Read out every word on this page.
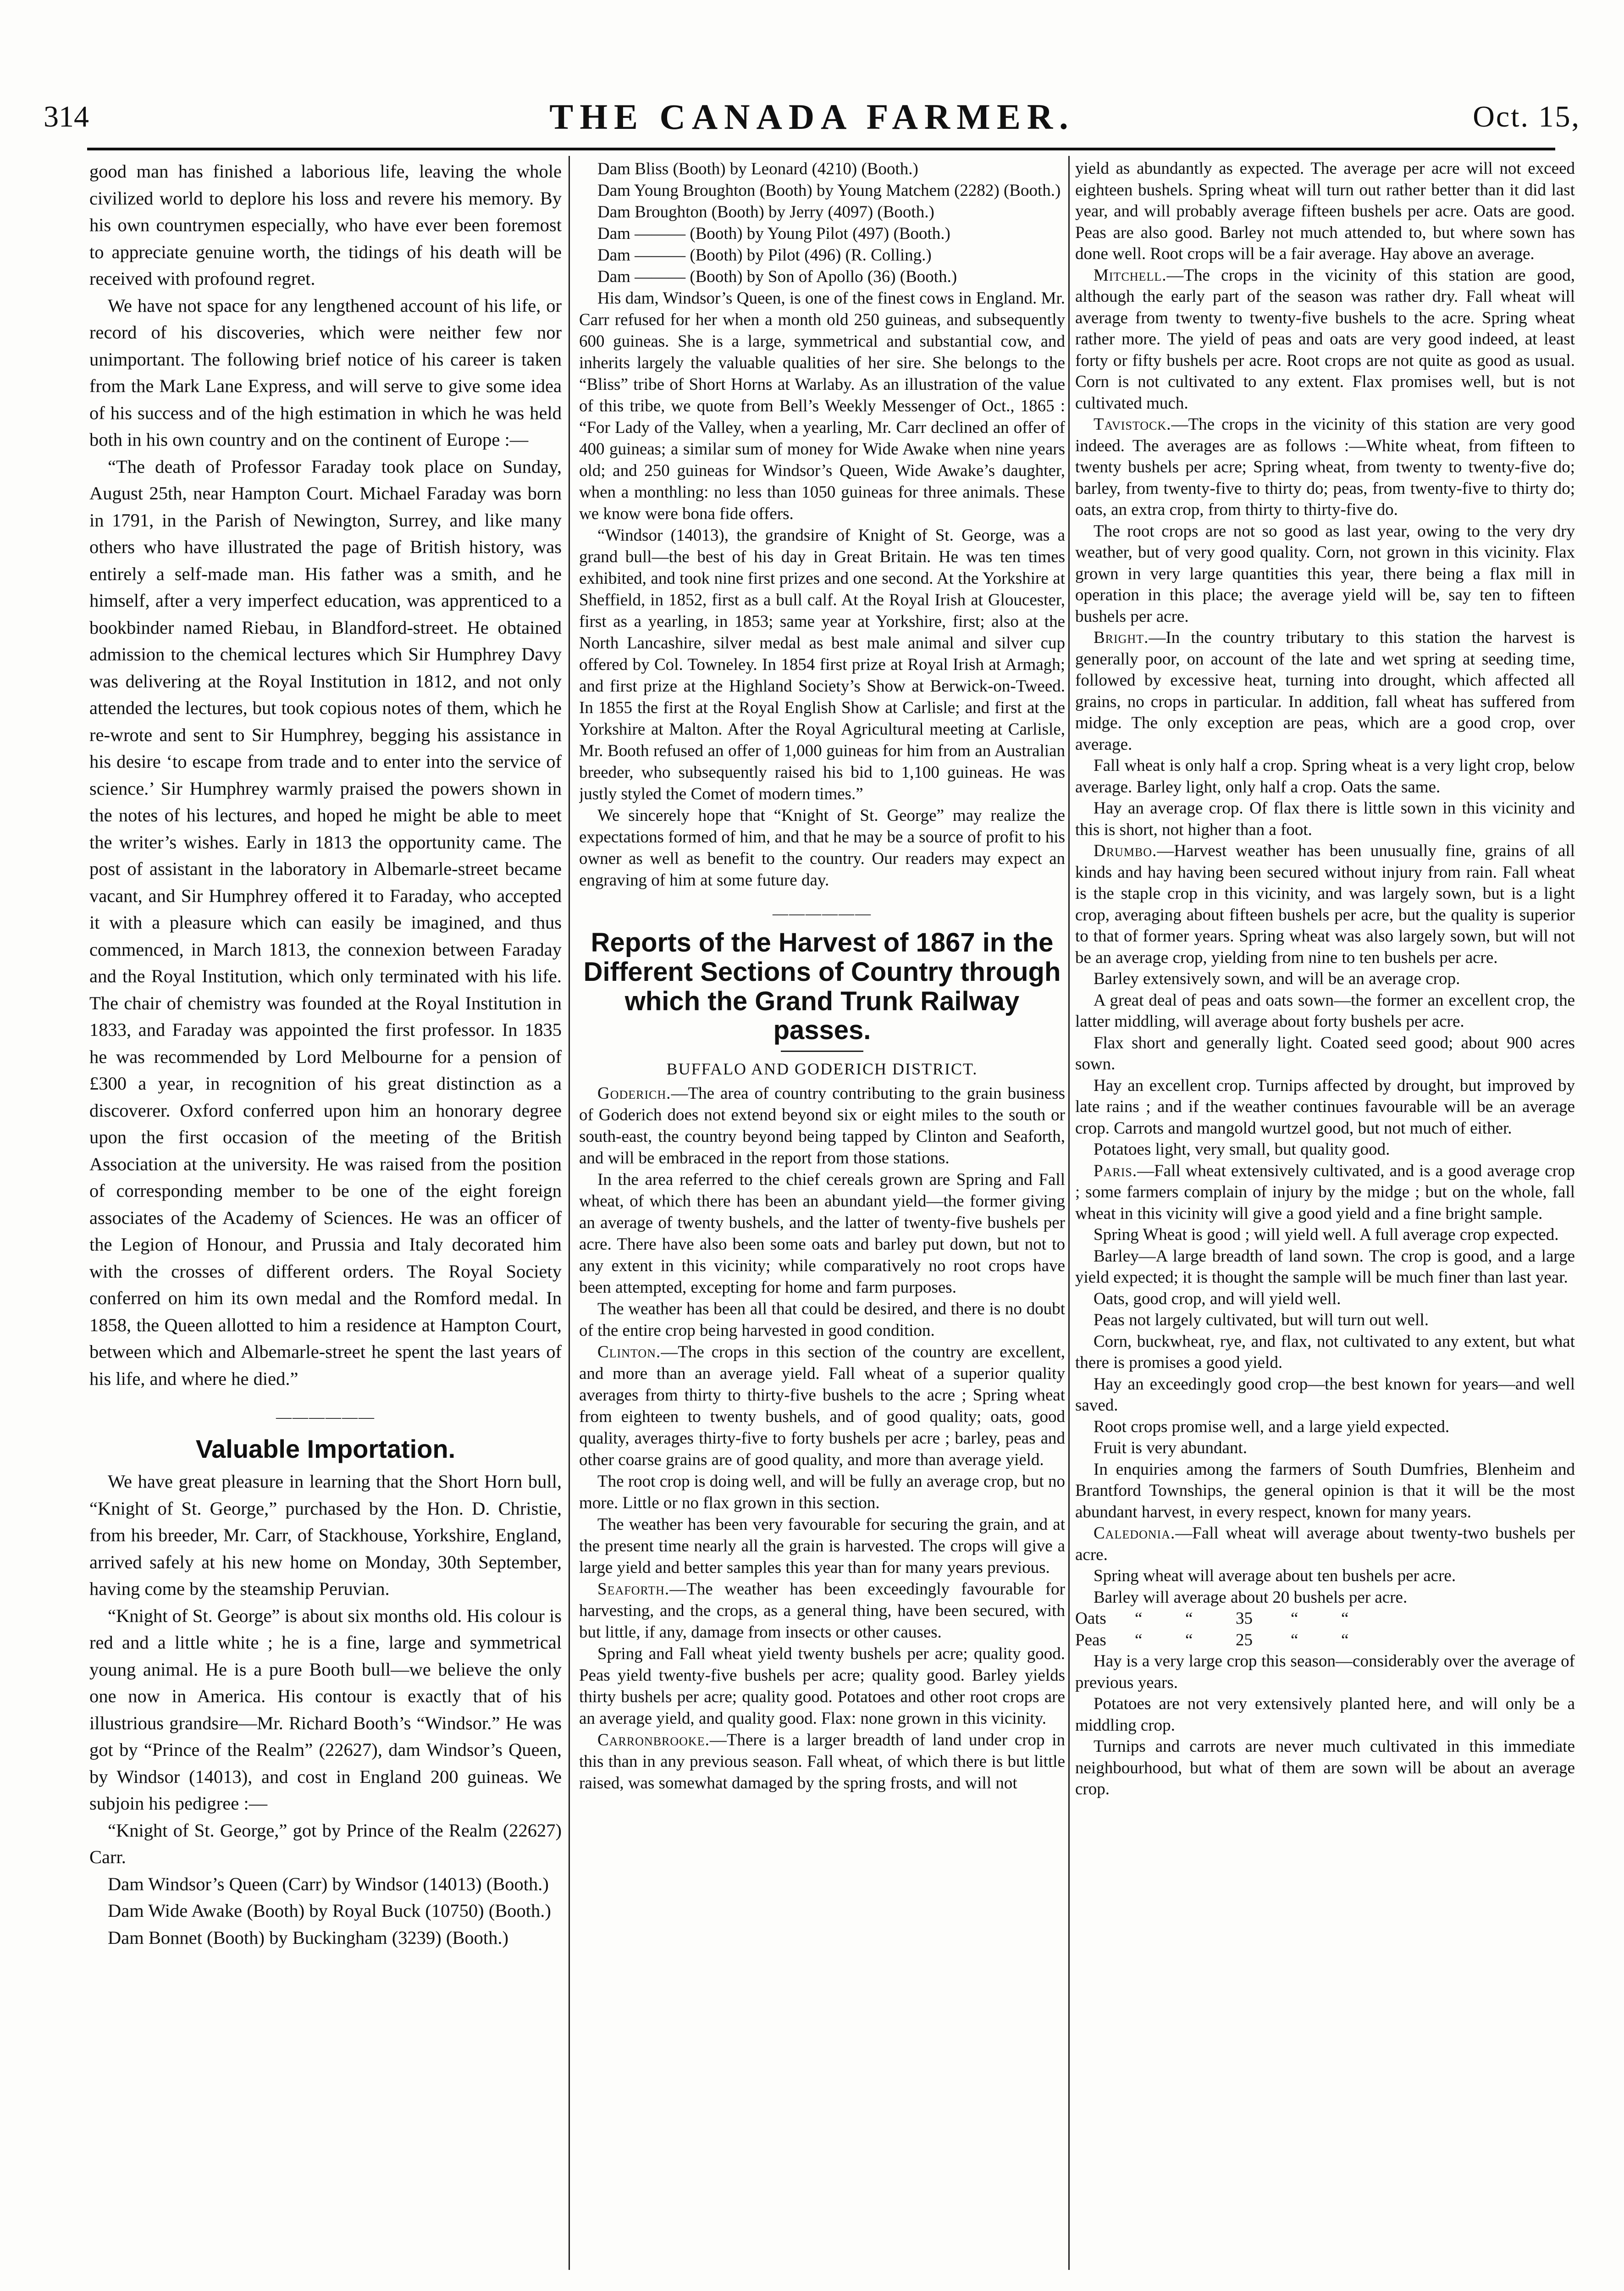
314	THE CANADA FARMER.	Oct. 15,

good man has finished a laborious life, leaving the whole civilized world to deplore his loss and revere his memory. By his own countrymen especially, who have ever been foremost to appreciate genuine worth, the tidings of his death will be received with profound regret.

We have not space for any lengthened account of his life, or record of his discoveries, which were neither few nor unimportant. The following brief notice of his career is taken from the Mark Lane Express, and will serve to give some idea of his success and of the high estimation in which he was held both in his own country and on the continent of Europe :—

“The death of Professor Faraday took place on Sunday, August 25th, near Hampton Court. Michael Faraday was born in 1791, in the Parish of Newington, Surrey, and like many others who have illustrated the page of British history, was entirely a self-made man. His father was a smith, and he himself, after a very imperfect education, was apprenticed to a bookbinder named Riebau, in Blandford-street. He obtained admission to the chemical lectures which Sir Humphrey Davy was delivering at the Royal Institution in 1812, and not only attended the lectures, but took copious notes of them, which he re-wrote and sent to Sir Humphrey, begging his assistance in his desire ‘to escape from trade and to enter into the service of science.’ Sir Humphrey warmly praised the powers shown in the notes of his lectures, and hoped he might be able to meet the writer’s wishes. Early in 1813 the opportunity came. The post of assistant in the laboratory in Albemarle-street became vacant, and Sir Humphrey offered it to Faraday, who accepted it with a pleasure which can easily be imagined, and thus commenced, in March 1813, the connexion between Faraday and the Royal Institution, which only terminated with his life. The chair of chemistry was founded at the Royal Institution in 1833, and Faraday was appointed the first professor. In 1835 he was recommended by Lord Melbourne for a pension of £300 a year, in recognition of his great distinction as a discoverer. Oxford conferred upon him an honorary degree upon the first occasion of the meeting of the British Association at the university. He was raised from the position of corresponding member to be one of the eight foreign associates of the Academy of Sciences. He was an officer of the Legion of Honour, and Prussia and Italy decorated him with the crosses of different orders. The Royal Society conferred on him its own medal and the Romford medal. In 1858, the Queen allotted to him a residence at Hampton Court, between which and Albemarle-street he spent the last years of his life, and where he died.”

——————
Valuable Importation.

We have great pleasure in learning that the Short Horn bull, “Knight of St. George,” purchased by the Hon. D. Christie, from his breeder, Mr. Carr, of Stackhouse, Yorkshire, England, arrived safely at his new home on Monday, 30th September, having come by the steamship Peruvian.

“Knight of St. George” is about six months old. His colour is red and a little white ; he is a fine, large and symmetrical young animal. He is a pure Booth bull—we believe the only one now in America. His contour is exactly that of his illustrious grandsire—Mr. Richard Booth’s “Windsor.” He was got by “Prince of the Realm” (22627), dam Windsor’s Queen, by Windsor (14013), and cost in England 200 guineas. We subjoin his pedigree :—

“Knight of St. George,” got by Prince of the Realm (22627) Carr.

Dam Windsor’s Queen (Carr) by Windsor (14013) (Booth.)

Dam Wide Awake (Booth) by Royal Buck (10750) (Booth.)

Dam Bonnet (Booth) by Buckingham (3239) (Booth.)

Dam Bliss (Booth) by Leonard (4210) (Booth.)

Dam Young Broughton (Booth) by Young Matchem (2282) (Booth.)

Dam Broughton (Booth) by Jerry (4097) (Booth.)

Dam ——— (Booth) by Young Pilot (497) (Booth.)

Dam ——— (Booth) by Pilot (496) (R. Colling.)

Dam ——— (Booth) by Son of Apollo (36) (Booth.)

His dam, Windsor’s Queen, is one of the finest cows in England. Mr. Carr refused for her when a month old 250 guineas, and subsequently 600 guineas. She is a large, symmetrical and substantial cow, and inherits largely the valuable qualities of her sire. She belongs to the “Bliss” tribe of Short Horns at Warlaby. As an illustration of the value of this tribe, we quote from Bell’s Weekly Messenger of Oct., 1865 : “For Lady of the Valley, when a yearling, Mr. Carr declined an offer of 400 guineas; a similar sum of money for Wide Awake when nine years old; and 250 guineas for Windsor’s Queen, Wide Awake’s daughter, when a monthling: no less than 1050 guineas for three animals. These we know were bona fide offers.

“Windsor (14013), the grandsire of Knight of St. George, was a grand bull—the best of his day in Great Britain. He was ten times exhibited, and took nine first prizes and one second. At the Yorkshire at Sheffield, in 1852, first as a bull calf. At the Royal Irish at Gloucester, first as a yearling, in 1853; same year at Yorkshire, first; also at the North Lancashire, silver medal as best male animal and silver cup offered by Col. Towneley. In 1854 first prize at Royal Irish at Armagh; and first prize at the Highland Society’s Show at Berwick-on-Tweed. In 1855 the first at the Royal English Show at Carlisle; and first at the Yorkshire at Malton. After the Royal Agricultural meeting at Carlisle, Mr. Booth refused an offer of 1,000 guineas for him from an Australian breeder, who subsequently raised his bid to 1,100 guineas. He was justly styled the Comet of modern times.”

We sincerely hope that “Knight of St. George” may realize the expectations formed of him, and that he may be a source of profit to his owner as well as benefit to the country. Our readers may expect an engraving of him at some future day.

——————
Reports of the Harvest of 1867 in the Different Sections of Country through which the Grand Trunk Railway passes.
BUFFALO AND GODERICH DISTRICT.

Goderich.—The area of country contributing to the grain business of Goderich does not extend beyond six or eight miles to the south or south-east, the country beyond being tapped by Clinton and Seaforth, and will be embraced in the report from those stations.

In the area referred to the chief cereals grown are Spring and Fall wheat, of which there has been an abundant yield—the former giving an average of twenty bushels, and the latter of twenty-five bushels per acre. There have also been some oats and barley put down, but not to any extent in this vicinity; while comparatively no root crops have been attempted, excepting for home and farm purposes.

The weather has been all that could be desired, and there is no doubt of the entire crop being harvested in good condition.

Clinton.—The crops in this section of the country are excellent, and more than an average yield. Fall wheat of a superior quality averages from thirty to thirty-five bushels to the acre ; Spring wheat from eighteen to twenty bushels, and of good quality; oats, good quality, averages thirty-five to forty bushels per acre ; barley, peas and other coarse grains are of good quality, and more than average yield.

The root crop is doing well, and will be fully an average crop, but no more. Little or no flax grown in this section.

The weather has been very favourable for securing the grain, and at the present time nearly all the grain is harvested. The crops will give a large yield and better samples this year than for many years previous.

Seaforth.—The weather has been exceedingly favourable for harvesting, and the crops, as a general thing, have been secured, with but little, if any, damage from insects or other causes.

Spring and Fall wheat yield twenty bushels per acre; quality good. Peas yield twenty-five bushels per acre; quality good. Barley yields thirty bushels per acre; quality good. Potatoes and other root crops are an average yield, and quality good. Flax: none grown in this vicinity.

Carronbrooke.—There is a larger breadth of land under crop in this than in any previous season. Fall wheat, of which there is but little raised, was somewhat damaged by the spring frosts, and will not

yield as abundantly as expected. The average per acre will not exceed eighteen bushels. Spring wheat will turn out rather better than it did last year, and will probably average fifteen bushels per acre. Oats are good. Peas are also good. Barley not much attended to, but where sown has done well. Root crops will be a fair average. Hay above an average.

Mitchell.—The crops in the vicinity of this station are good, although the early part of the season was rather dry. Fall wheat will average from twenty to twenty-five bushels to the acre. Spring wheat rather more. The yield of peas and oats are very good indeed, at least forty or fifty bushels per acre. Root crops are not quite as good as usual. Corn is not cultivated to any extent. Flax promises well, but is not cultivated much.

Tavistock.—The crops in the vicinity of this station are very good indeed. The averages are as follows :—White wheat, from fifteen to twenty bushels per acre; Spring wheat, from twenty to twenty-five do; barley, from twenty-five to thirty do; peas, from twenty-five to thirty do; oats, an extra crop, from thirty to thirty-five do.

The root crops are not so good as last year, owing to the very dry weather, but of very good quality. Corn, not grown in this vicinity. Flax grown in very large quantities this year, there being a flax mill in operation in this place; the average yield will be, say ten to fifteen bushels per acre.

Bright.—In the country tributary to this station the harvest is generally poor, on account of the late and wet spring at seeding time, followed by excessive heat, turning into drought, which affected all grains, no crops in particular. In addition, fall wheat has suffered from midge. The only exception are peas, which are a good crop, over average.

Fall wheat is only half a crop. Spring wheat is a very light crop, below average. Barley light, only half a crop. Oats the same.

Hay an average crop. Of flax there is little sown in this vicinity and this is short, not higher than a foot.

Drumbo.—Harvest weather has been unusually fine, grains of all kinds and hay having been secured without injury from rain. Fall wheat is the staple crop in this vicinity, and was largely sown, but is a light crop, averaging about fifteen bushels per acre, but the quality is superior to that of former years. Spring wheat was also largely sown, but will not be an average crop, yielding from nine to ten bushels per acre.

Barley extensively sown, and will be an average crop.

A great deal of peas and oats sown—the former an excellent crop, the latter middling, will average about forty bushels per acre.

Flax short and generally light. Coated seed good; about 900 acres sown.

Hay an excellent crop. Turnips affected by drought, but improved by late rains ; and if the weather continues favourable will be an average crop. Carrots and mangold wurtzel good, but not much of either.

Potatoes light, very small, but quality good.

Paris.—Fall wheat extensively cultivated, and is a good average crop ; some farmers complain of injury by the midge ; but on the whole, fall wheat in this vicinity will give a good yield and a fine bright sample.

Spring Wheat is good ; will yield well. A full average crop expected.

Barley—A large breadth of land sown. The crop is good, and a large yield expected; it is thought the sample will be much finer than last year.

Oats, good crop, and will yield well.

Peas not largely cultivated, but will turn out well.

Corn, buckwheat, rye, and flax, not cultivated to any extent, but what there is promises a good yield.

Hay an exceedingly good crop—the best known for years—and well saved.

Root crops promise well, and a large yield expected.

Fruit is very abundant.

In enquiries among the farmers of South Dumfries, Blenheim and Brantford Townships, the general opinion is that it will be the most abundant harvest, in every respect, known for many years.

Caledonia.—Fall wheat will average about twenty-two bushels per acre.

Spring wheat will average about ten bushels per acre.

Barley will average about 20 bushels per acre.

Oats	“	“	35	“	“

Peas	“	“	25	“	“

Hay is a very large crop this season—considerably over the average of previous years.

Potatoes are not very extensively planted here, and will only be a middling crop.

Turnips and carrots are never much cultivated in this immediate neighbourhood, but what of them are sown will be about an average crop.
